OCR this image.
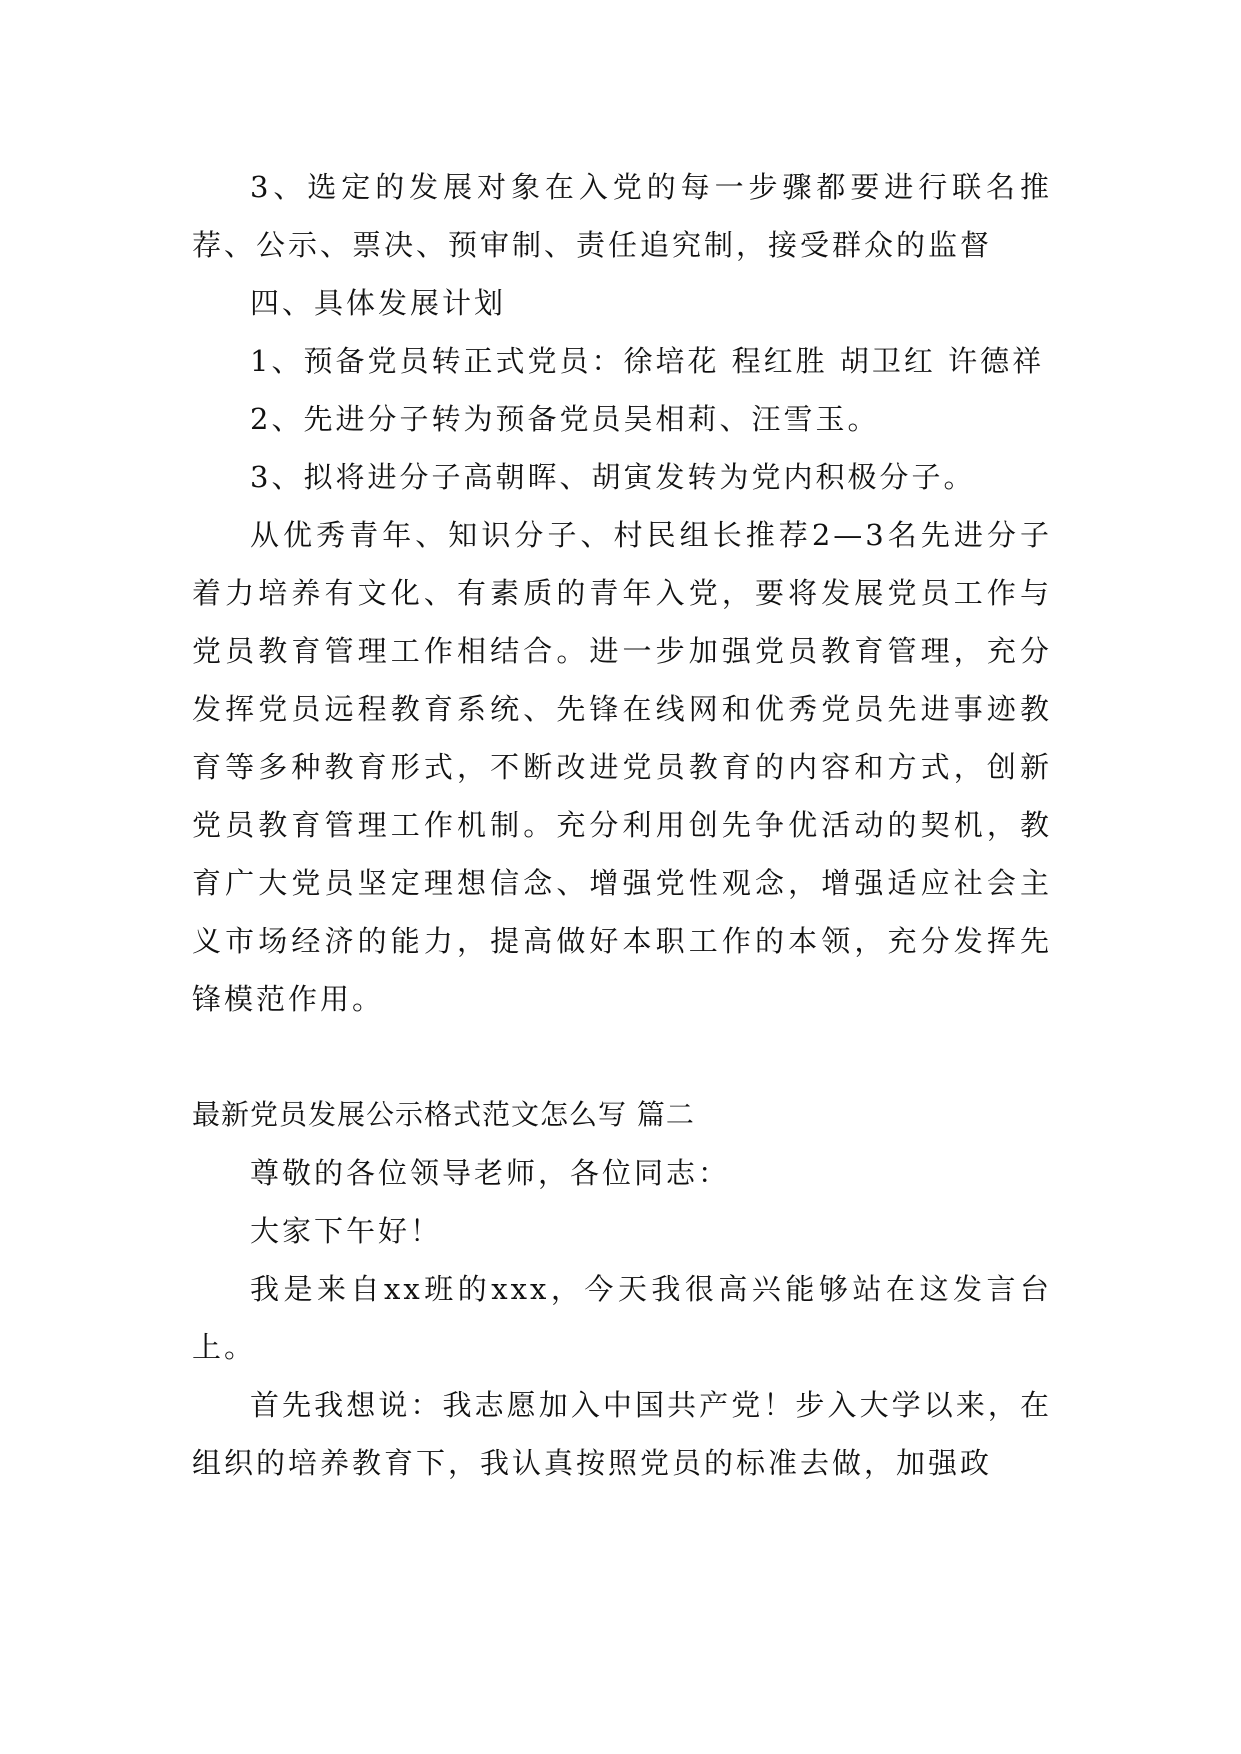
3、选定的发展对象在入党的每一步骤都要进行联名推荐、公示、票决、预审制、责任追究制，接受群众的监督

四、具体发展计划

1、预备党员转正式党员：徐培花 程红胜 胡卫红 许德祥

2、先进分子转为预备党员吴相莉、汪雪玉。

3、拟将进分子高朝晖、胡寅发转为党内积极分子。

从优秀青年、知识分子、村民组长推荐2—3名先进分子着力培养有文化、有素质的青年入党，要将发展党员工作与党员教育管理工作相结合。进一步加强党员教育管理，充分发挥党员远程教育系统、先锋在线网和优秀党员先进事迹教育等多种教育形式，不断改进党员教育的内容和方式，创新党员教育管理工作机制。充分利用创先争优活动的契机，教育广大党员坚定理想信念、增强党性观念，增强适应社会主义市场经济的能力，提高做好本职工作的本领，充分发挥先锋模范作用。

最新党员发展公示格式范文怎么写 篇二

尊敬的各位领导老师，各位同志：

大家下午好！

我是来自xx班的xxx，今天我很高兴能够站在这发言台上。

首先我想说：我志愿加入中国共产党！步入大学以来，在组织的培养教育下，我认真按照党员的标准去做，加强政
